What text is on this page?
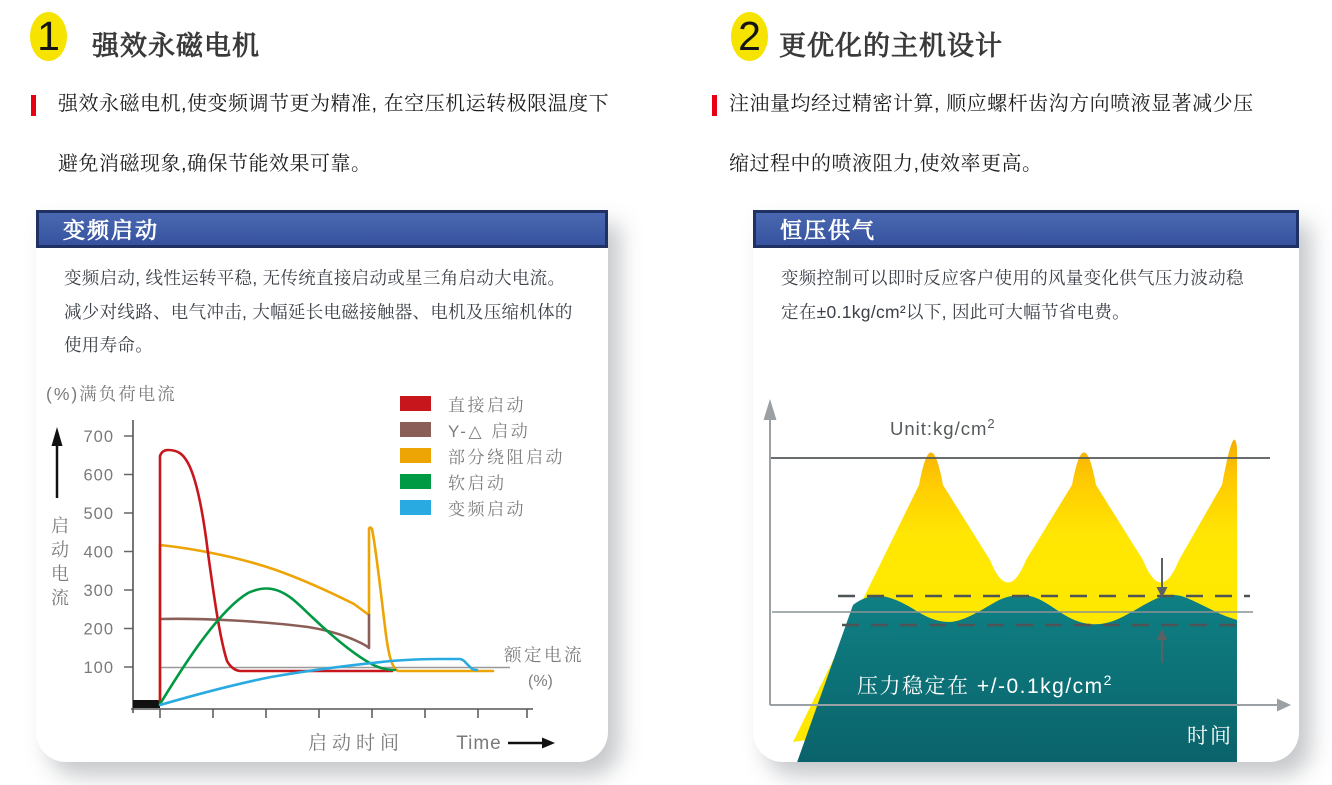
1 强效永磁电机
强效永磁电机,使变频调节更为精准, 在空压机运转极限温度下
避免消磁现象,确保节能效果可靠。
2 更优化的主机设计
注油量均经过精密计算, 顺应螺杆齿沟方向喷液显著减少压
缩过程中的喷液阻力,使效率更高。
变频启动
变频启动, 线性运转平稳, 无传统直接启动或星三角启动大电流。
减少对线路、电气冲击, 大幅延长电磁接触器、电机及压缩机体的
使用寿命。
700
600
500
400
300
200
100
(%)满负荷电流
额定电流
(%)
启动时间	Time
启动电流
直接启动
Y-△ 启动
部分绕阻启动
软启动
变频启动
恒压供气
变频控制可以即时反应客户使用的风量变化供气压力波动稳
定在±0.1kg/cm²以下, 因此可大幅节省电费。
$Unit:kg/cm^2$
压力稳定在 $+/-0.1kg/cm^2$
时间
